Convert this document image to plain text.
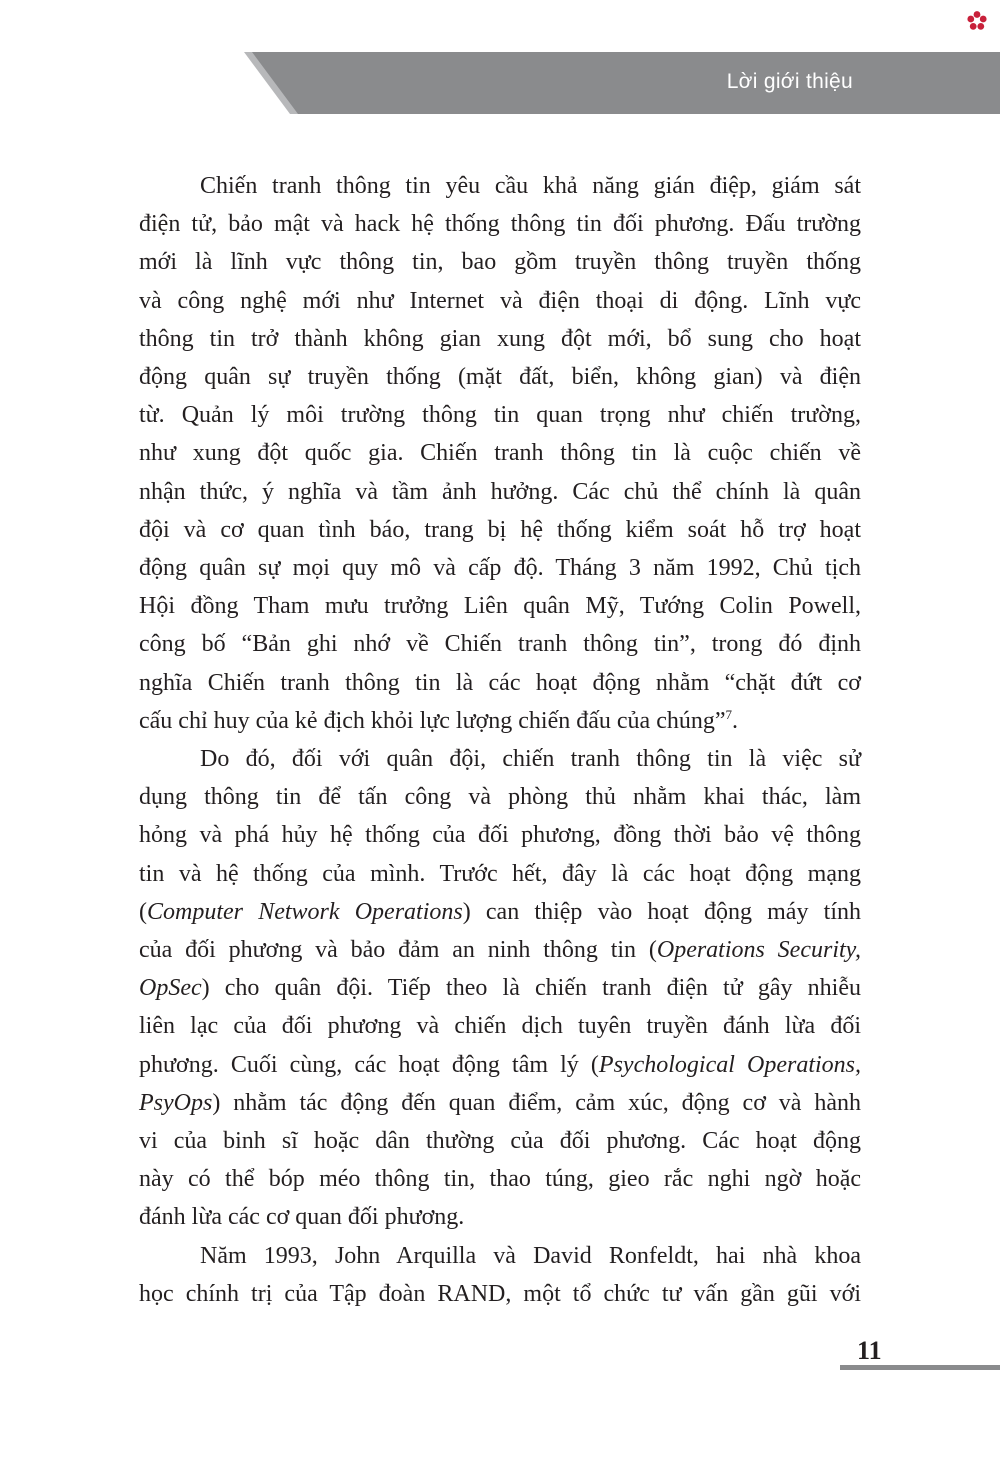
Lời giới thiệu

Chiến tranh thông tin yêu cầu khả năng gián điệp, giám sát
điện tử, bảo mật và hack hệ thống thông tin đối phương. Đấu trường
mới là lĩnh vực thông tin, bao gồm truyền thông truyền thống
và công nghệ mới như Internet và điện thoại di động. Lĩnh vực
thông tin trở thành không gian xung đột mới, bổ sung cho hoạt
động quân sự truyền thống (mặt đất, biển, không gian) và điện
từ. Quản lý môi trường thông tin quan trọng như chiến trường,
như xung đột quốc gia. Chiến tranh thông tin là cuộc chiến về
nhận thức, ý nghĩa và tầm ảnh hưởng. Các chủ thể chính là quân
đội và cơ quan tình báo, trang bị hệ thống kiểm soát hỗ trợ hoạt
động quân sự mọi quy mô và cấp độ. Tháng 3 năm 1992, Chủ tịch
Hội đồng Tham mưu trưởng Liên quân Mỹ, Tướng Colin Powell,
công bố “Bản ghi nhớ về Chiến tranh thông tin”, trong đó định
nghĩa Chiến tranh thông tin là các hoạt động nhằm “chặt đứt cơ
cấu chỉ huy của kẻ địch khỏi lực lượng chiến đấu của chúng”$^7$.

Do đó, đối với quân đội, chiến tranh thông tin là việc sử
dụng thông tin để tấn công và phòng thủ nhằm khai thác, làm
hỏng và phá hủy hệ thống của đối phương, đồng thời bảo vệ thông
tin và hệ thống của mình. Trước hết, đây là các hoạt động mạng
(Computer Network Operations) can thiệp vào hoạt động máy tính
của đối phương và bảo đảm an ninh thông tin (Operations Security,
OpSec) cho quân đội. Tiếp theo là chiến tranh điện tử gây nhiễu
liên lạc của đối phương và chiến dịch tuyên truyền đánh lừa đối
phương. Cuối cùng, các hoạt động tâm lý (Psychological Operations,
PsyOps) nhằm tác động đến quan điểm, cảm xúc, động cơ và hành
vi của binh sĩ hoặc dân thường của đối phương. Các hoạt động
này có thể bóp méo thông tin, thao túng, gieo rắc nghi ngờ hoặc
đánh lừa các cơ quan đối phương.

Năm 1993, John Arquilla và David Ronfeldt, hai nhà khoa
học chính trị của Tập đoàn RAND, một tổ chức tư vấn gần gũi với

11
